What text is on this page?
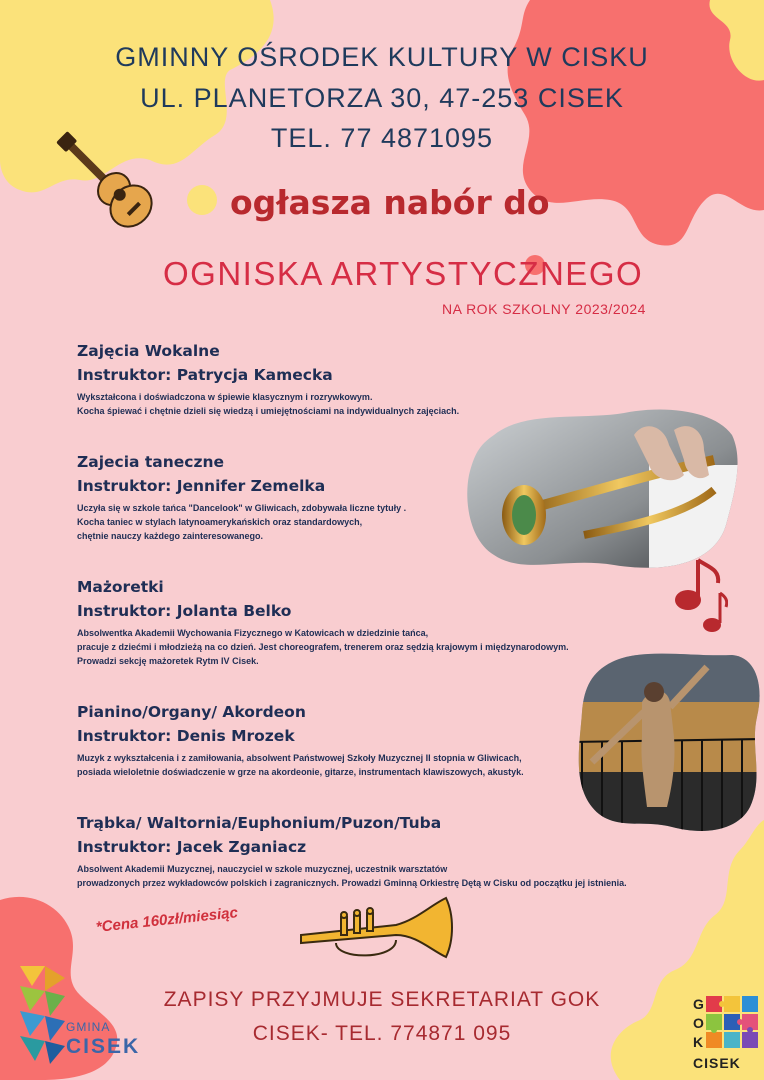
GMINNY OŚRODEK KULTURY W CISKU
UL. PLANETORZA 30, 47-253 CISEK
TEL. 77 4871095
ogłasza nabór do
OGNISKA ARTYSTYCZNEGO
NA ROK SZKOLNY 2023/2024
Zajęcia Wokalne
Instruktor: Patrycja Kamecka
Wykształcona i doświadczona w śpiewie klasycznym i rozrywkowym.
Kocha śpiewać i chętnie dzieli się wiedzą i umiejętnościami na indywidualnych zajęciach.
Zajecia taneczne
Instruktor: Jennifer Zemelka
Uczyła się w szkole tańca "Dancelook" w Gliwicach, zdobywała liczne tytuły .
Kocha taniec w stylach latynoamerykańskich oraz standardowych,
chętnie nauczy każdego zainteresowanego.
Mażoretki
Instruktor: Jolanta Belko
Absolwentka Akademii Wychowania Fizycznego w Katowicach w dziedzinie tańca,
pracuje z dziećmi i młodzieżą na co dzień. Jest choreografem, trenerem oraz sędzią krajowym i międzynarodowym.
Prowadzi sekcję mażoretek Rytm IV Cisek.
Pianino/Organy/ Akordeon
Instruktor: Denis Mrozek
Muzyk z wykształcenia i z zamiłowania, absolwent Państwowej Szkoły Muzycznej II stopnia w Gliwicach,
posiada wieloletnie doświadczenie w grze na akordeonie, gitarze, instrumentach klawiszowych, akustyk.
Trąbka/ Waltornia/Euphonium/Puzon/Tuba
Instruktor: Jacek Zganiacz
Absolwent Akademii Muzycznej, nauczyciel w szkole muzycznej, uczestnik warsztatów
prowadzonych przez wykładowców polskich i zagranicznych. Prowadzi Gminną Orkiestrę Dętą w Cisku od początku jej istnienia.
*Cena 160zł/miesiąc
ZAPISY PRZYJMUJE SEKRETARIAT GOK
CISEK- TEL. 774871 095
GMINA
CISEK
G
O
K
CISEK
